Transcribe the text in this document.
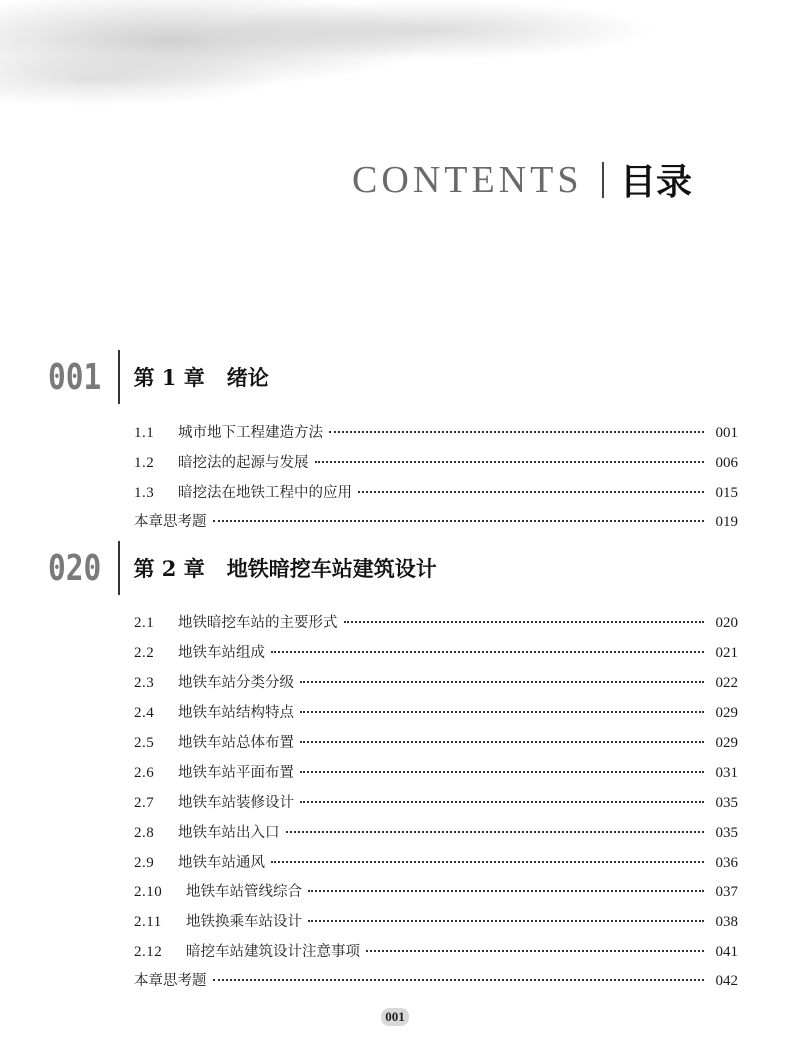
CONTENTS 目录
001 第 1 章 绪论
1.1	城市地下工程建造方法	001
1.2	暗挖法的起源与发展	006
1.3	暗挖法在地铁工程中的应用	015
本章思考题	019
020 第 2 章 地铁暗挖车站建筑设计
2.1	地铁暗挖车站的主要形式	020
2.2	地铁车站组成	021
2.3	地铁车站分类分级	022
2.4	地铁车站结构特点	029
2.5	地铁车站总体布置	029
2.6	地铁车站平面布置	031
2.7	地铁车站装修设计	035
2.8	地铁车站出入口	035
2.9	地铁车站通风	036
2.10	地铁车站管线综合	037
2.11	地铁换乘车站设计	038
2.12	暗挖车站建筑设计注意事项	041
本章思考题	042
001
